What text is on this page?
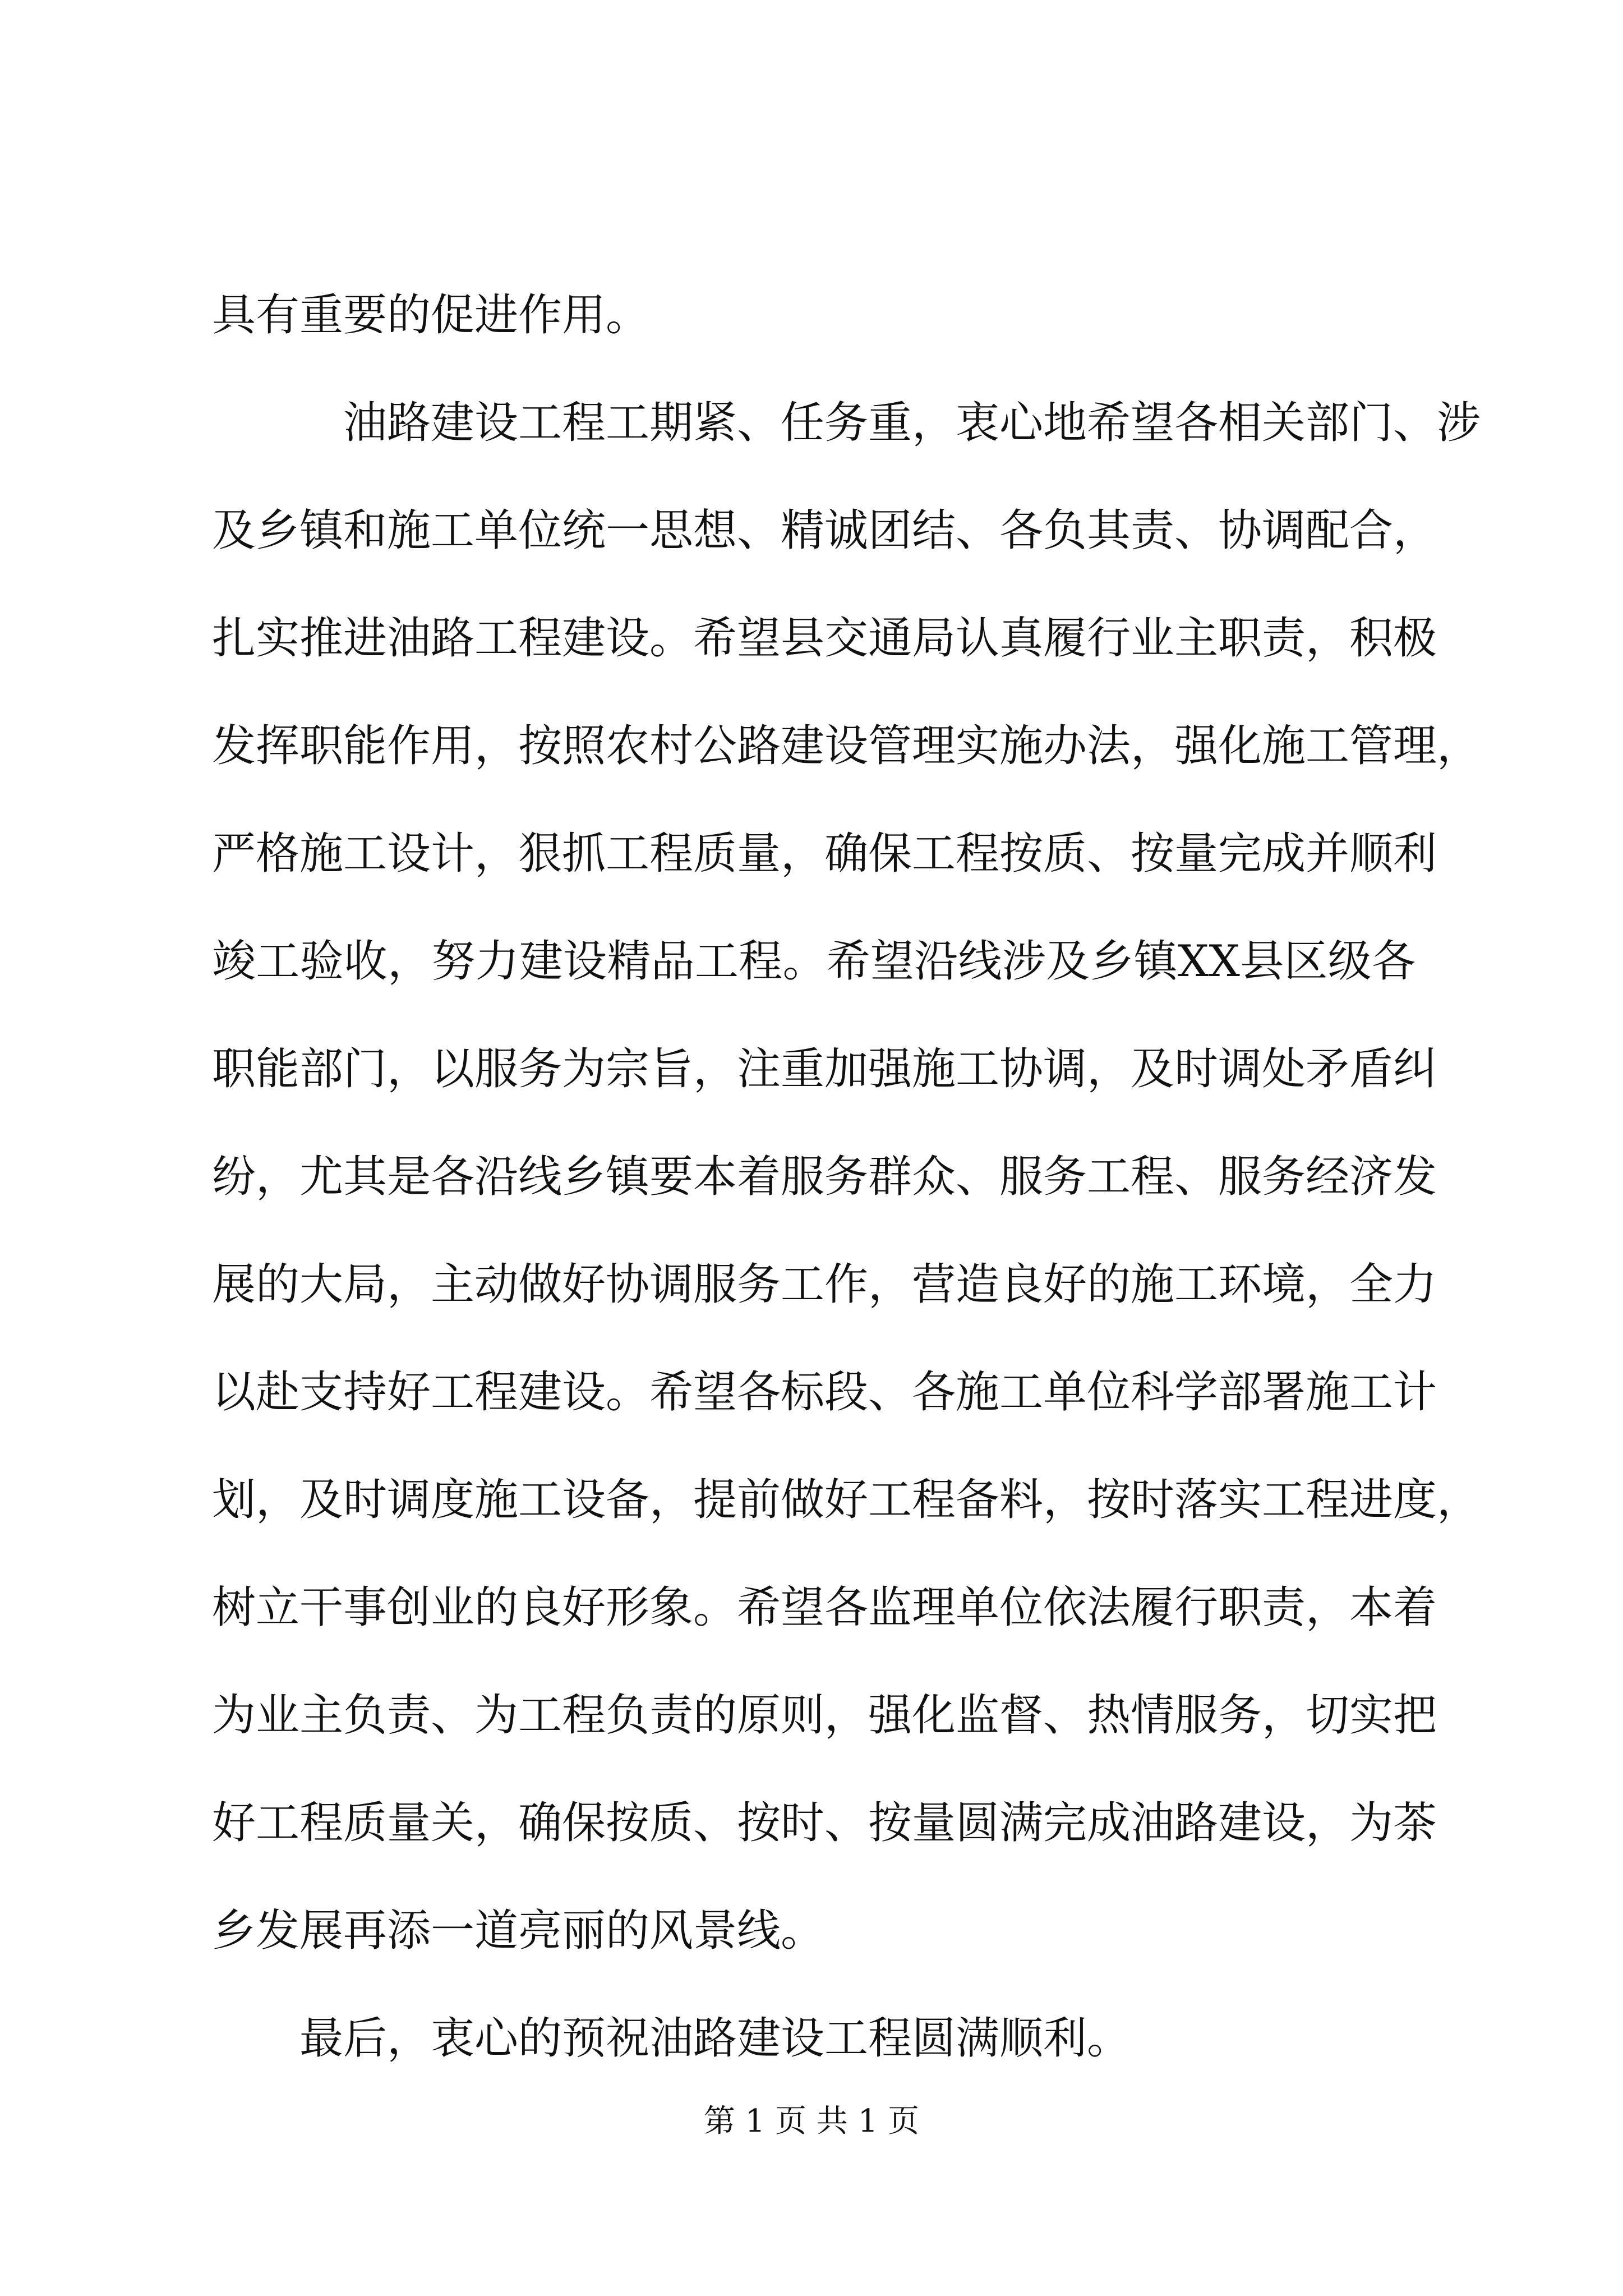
具有重要的促进作用。
油路建设工程工期紧、任务重，衷心地希望各相关部门、涉
及乡镇和施工单位统一思想、精诚团结、各负其责、协调配合，
扎实推进油路工程建设。希望县交通局认真履行业主职责，积极
发挥职能作用，按照农村公路建设管理实施办法，强化施工管理，
严格施工设计，狠抓工程质量，确保工程按质、按量完成并顺利
竣工验收，努力建设精品工程。希望沿线涉及乡镇XX县区级各
职能部门，以服务为宗旨，注重加强施工协调，及时调处矛盾纠
纷，尤其是各沿线乡镇要本着服务群众、服务工程、服务经济发
展的大局，主动做好协调服务工作，营造良好的施工环境，全力
以赴支持好工程建设。希望各标段、各施工单位科学部署施工计
划，及时调度施工设备，提前做好工程备料，按时落实工程进度，
树立干事创业的良好形象。希望各监理单位依法履行职责，本着
为业主负责、为工程负责的原则，强化监督、热情服务，切实把
好工程质量关，确保按质、按时、按量圆满完成油路建设，为茶
乡发展再添一道亮丽的风景线。
最后，衷心的预祝油路建设工程圆满顺利。
第 1 页 共 1 页
